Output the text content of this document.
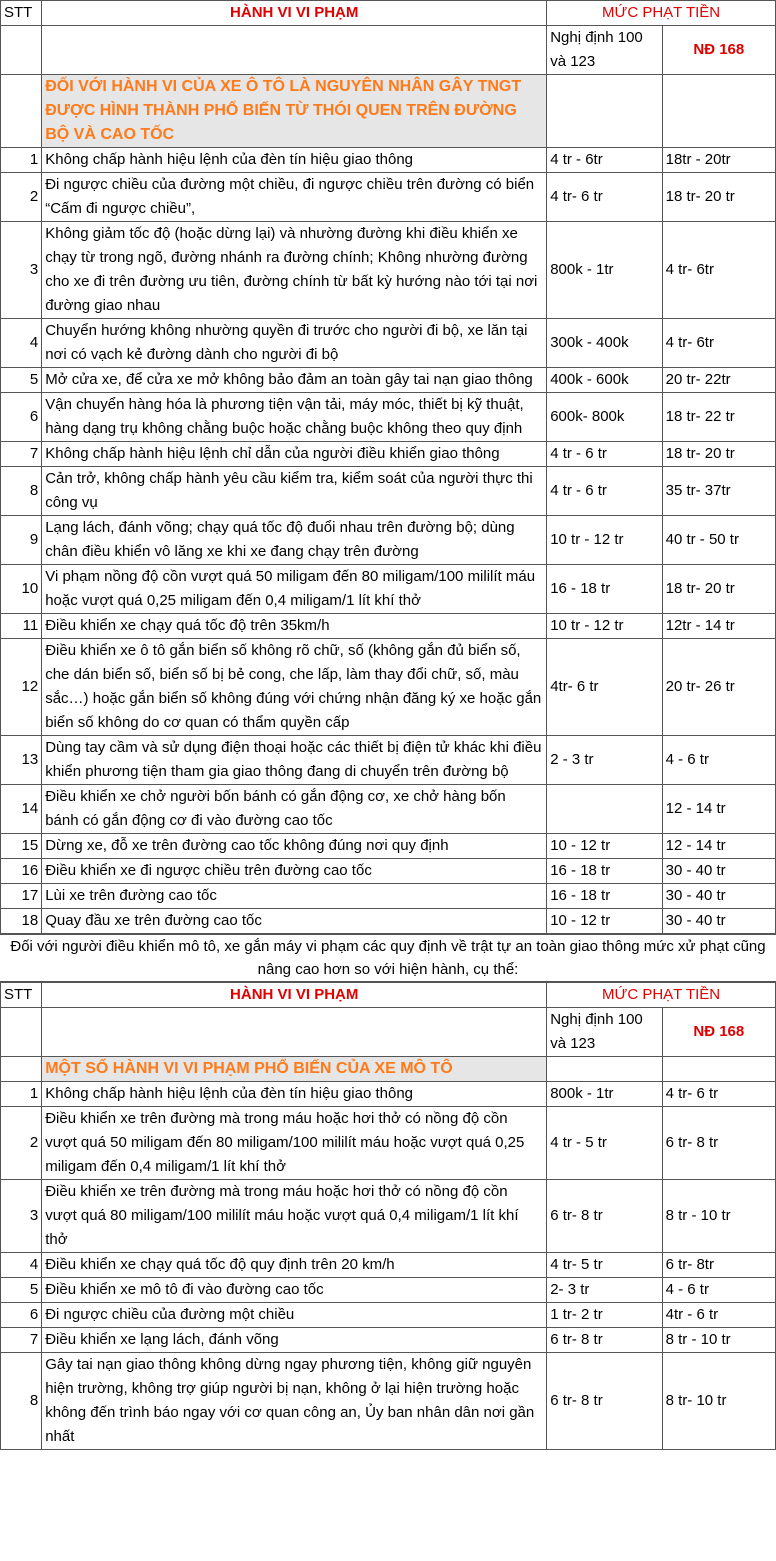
STT	HÀNH VI VI PHẠM	MỨC PHẠT TIỀN	
		Nghị định 100 và 123	NĐ 168
	ĐỐI VỚI HÀNH VI CỦA XE Ô TÔ LÀ NGUYÊN NHÂN GÂY TNGT ĐƯỢC HÌNH THÀNH PHỔ BIẾN TỪ THÓI QUEN TRÊN ĐƯỜNG BỘ VÀ CAO TỐC		
1	Không chấp hành hiệu lệnh của đèn tín hiệu giao thông	4 tr - 6tr	18tr - 20tr
2	Đi ngược chiều của đường một chiều, đi ngược chiều trên đường có biển “Cấm đi ngược chiều”,	4 tr- 6 tr	18 tr- 20 tr
3	Không giảm tốc độ (hoặc dừng lại) và nhường đường khi điều khiển xe chạy từ trong ngõ, đường nhánh ra đường chính; Không nhường đường cho xe đi trên đường ưu tiên, đường chính từ bất kỳ hướng nào tới tại nơi đường giao nhau	800k - 1tr	4 tr- 6tr
4	Chuyển hướng không nhường quyền đi trước cho người đi bộ, xe lăn tại nơi có vạch kẻ đường dành cho người đi bộ	300k - 400k	4 tr- 6tr
5	Mở cửa xe, để cửa xe mở không bảo đảm an toàn gây tai nạn giao thông	400k - 600k	20 tr- 22tr
6	Vận chuyển hàng hóa là phương tiện vận tải, máy móc, thiết bị kỹ thuật, hàng dạng trụ không chằng buộc hoặc chằng buộc không theo quy định	600k- 800k	18 tr- 22 tr
7	Không chấp hành hiệu lệnh chỉ dẫn của người điều khiển giao thông	4 tr - 6 tr	18 tr- 20 tr
8	Cản trở, không chấp hành yêu cầu kiểm tra, kiểm soát của người thực thi công vụ	4 tr - 6 tr	35 tr- 37tr
9	Lạng lách, đánh võng; chạy quá tốc độ đuổi nhau trên đường bộ; dùng chân điều khiển vô lăng xe khi xe đang chạy trên đường	10 tr - 12 tr	40 tr - 50 tr
10	Vi phạm nồng độ cồn vượt quá 50 miligam đến 80 miligam/100 mililít máu hoặc vượt quá 0,25 miligam đến 0,4 miligam/1 lít khí thở	16 - 18 tr	18 tr- 20 tr
11	Điều khiển xe chạy quá tốc độ trên 35km/h	10 tr - 12 tr	12tr - 14 tr
12	Điều khiển xe ô tô gắn biển số không rõ chữ, số (không gắn đủ biển số, che dán biển số, biển số bị bẻ cong, che lấp, làm thay đổi chữ, số, màu sắc…) hoặc gắn biển số không đúng với chứng nhận đăng ký xe hoặc gắn biển số không do cơ quan có thẩm quyền cấp	4tr- 6 tr	20 tr- 26 tr
13	Dùng tay cầm và sử dụng điện thoại hoặc các thiết bị điện tử khác khi điều khiển phương tiện tham gia giao thông đang di chuyển trên đường bộ	2 - 3 tr	4 - 6 tr
14	Điều khiển xe chở người bốn bánh có gắn động cơ, xe chở hàng bốn bánh có gắn động cơ đi vào đường cao tốc		12 - 14 tr
15	Dừng xe, đỗ xe trên đường cao tốc không đúng nơi quy định	10 - 12 tr	12 - 14 tr
16	Điều khiển xe đi ngược chiều trên đường cao tốc	16 - 18 tr	30 - 40 tr
17	Lùi xe trên đường cao tốc	16 - 18 tr	30 - 40 tr
18	Quay đầu xe trên đường cao tốc	10 - 12 tr	30 - 40 tr
Đối với người điều khiển mô tô, xe gắn máy vi phạm các quy định về trật tự an toàn giao thông mức xử phạt cũng nâng cao hơn so với hiện hành, cụ thể:
STT	HÀNH VI VI PHẠM	MỨC PHẠT TIỀN	
		Nghị định 100 và 123	NĐ 168
	MỘT SỐ HÀNH VI VI PHẠM PHỔ BIẾN CỦA XE MÔ TÔ		
1	Không chấp hành hiệu lệnh của đèn tín hiệu giao thông	800k - 1tr	4 tr- 6 tr
2	Điều khiển xe trên đường mà trong máu hoặc hơi thở có nồng độ cồn vượt quá 50 miligam đến 80 miligam/100 mililít máu hoặc vượt quá 0,25 miligam đến 0,4 miligam/1 lít khí thở	4 tr - 5 tr	6 tr- 8 tr
3	Điều khiển xe trên đường mà trong máu hoặc hơi thở có nồng độ cồn vượt quá 80 miligam/100 mililít máu hoặc vượt quá 0,4 miligam/1 lít khí thở	6 tr- 8 tr	8 tr - 10 tr
4	Điều khiển xe chạy quá tốc độ quy định trên 20 km/h	4 tr- 5 tr	6 tr- 8tr
5	Điều khiển xe mô tô đi vào đường cao tốc	2- 3 tr	4 - 6 tr
6	Đi ngược chiều của đường một chiều	1 tr- 2 tr	4tr - 6 tr
7	Điều khiển xe lạng lách, đánh võng	6 tr- 8 tr	8 tr - 10 tr
8	Gây tai nạn giao thông không dừng ngay phương tiện, không giữ nguyên hiện trường, không trợ giúp người bị nạn, không ở lại hiện trường hoặc không đến trình báo ngay với cơ quan công an, Ủy ban nhân dân nơi gần nhất	6 tr- 8 tr	8 tr- 10 tr
